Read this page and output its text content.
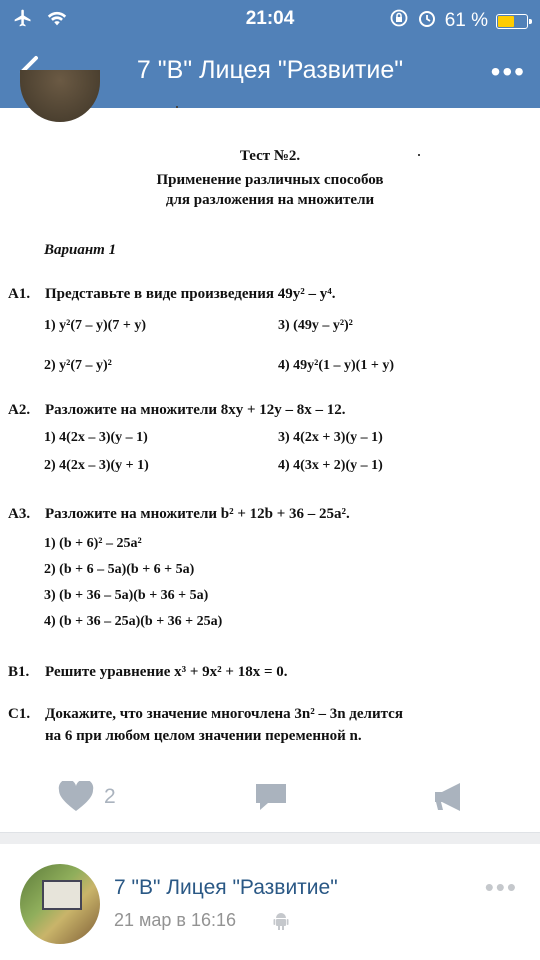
21:04	61 %
7 "В" Лицея "Развитие"	•••
Тест №2.
Применение различных способов
для разложения на множители
Вариант 1
A1. Представьте в виде произведения 49y² – y⁴.
1) y²(7 – y)(7 + y)	3) (49y – y²)²
2) y²(7 – y)²	4) 49y²(1 – y)(1 + y)
A2. Разложите на множители 8xy + 12y – 8x – 12.
1) 4(2x – 3)(y – 1)	3) 4(2x + 3)(y – 1)
2) 4(2x – 3)(y + 1)	4) 4(3x + 2)(y – 1)
A3. Разложите на множители b² + 12b + 36 – 25a².
1) (b + 6)² – 25a²
2) (b + 6 – 5a)(b + 6 + 5a)
3) (b + 36 – 5a)(b + 36 + 5a)
4) (b + 36 – 25a)(b + 36 + 25a)
B1. Решите уравнение x³ + 9x² + 18x = 0.
C1. Докажите, что значение многочлена 3n² – 3n делится
на 6 при любом целом значении переменной n.
2
7 "В" Лицея "Развитие"
21 мар в 16:16
•••
